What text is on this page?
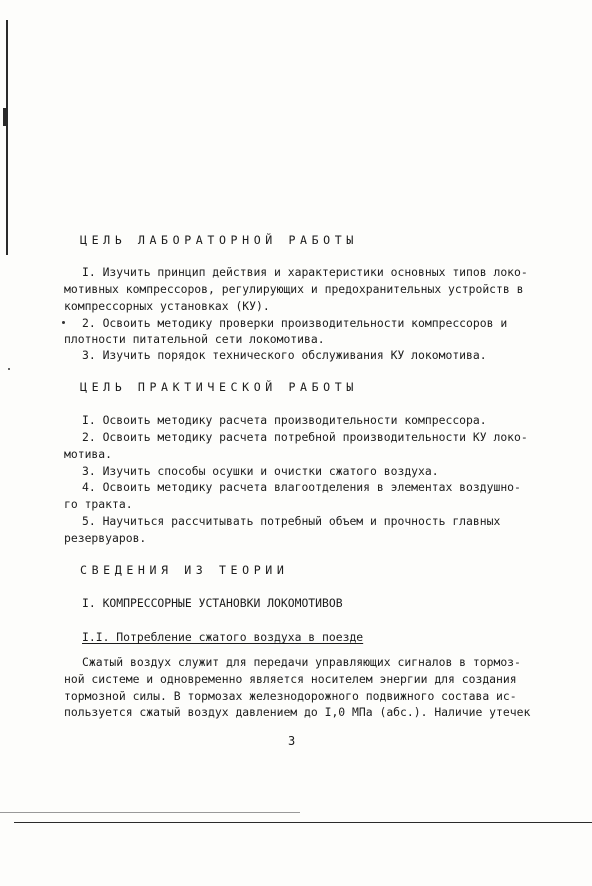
ЦЕЛЬ ЛАБОРАТОРНОЙ РАБОТЫ
I. Изучить принцип действия и характеристики основных типов локо-
мотивных компрессоров, регулирующих и предохранительных устройств в
компрессорных установках (КУ).
2. Освоить методику проверки производительности компрессоров и
плотности питательной сети локомотива.
3. Изучить порядок технического обслуживания КУ локомотива.
ЦЕЛЬ ПРАКТИЧЕСКОЙ РАБОТЫ
I. Освоить методику расчета производительности компрессора.
2. Освоить методику расчета потребной производительности КУ локо-
мотива.
3. Изучить способы осушки и очистки сжатого воздуха.
4. Освоить методику расчета влагоотделения в элементах воздушно-
го тракта.
5. Научиться рассчитывать потребный объем и прочность главных
резервуаров.
СВЕДЕНИЯ ИЗ ТЕОРИИ
I. КОМПРЕССОРНЫЕ УСТАНОВКИ ЛОКОМОТИВОВ
I.I. Потребление сжатого воздуха в поезде
Сжатый воздух служит для передачи управляющих сигналов в тормоз-
ной системе и одновременно является носителем энергии для создания
тормозной силы. В тормозах железнодорожного подвижного состава ис-
пользуется сжатый воздух давлением до I,0 МПа (абс.). Наличие утечек
3
